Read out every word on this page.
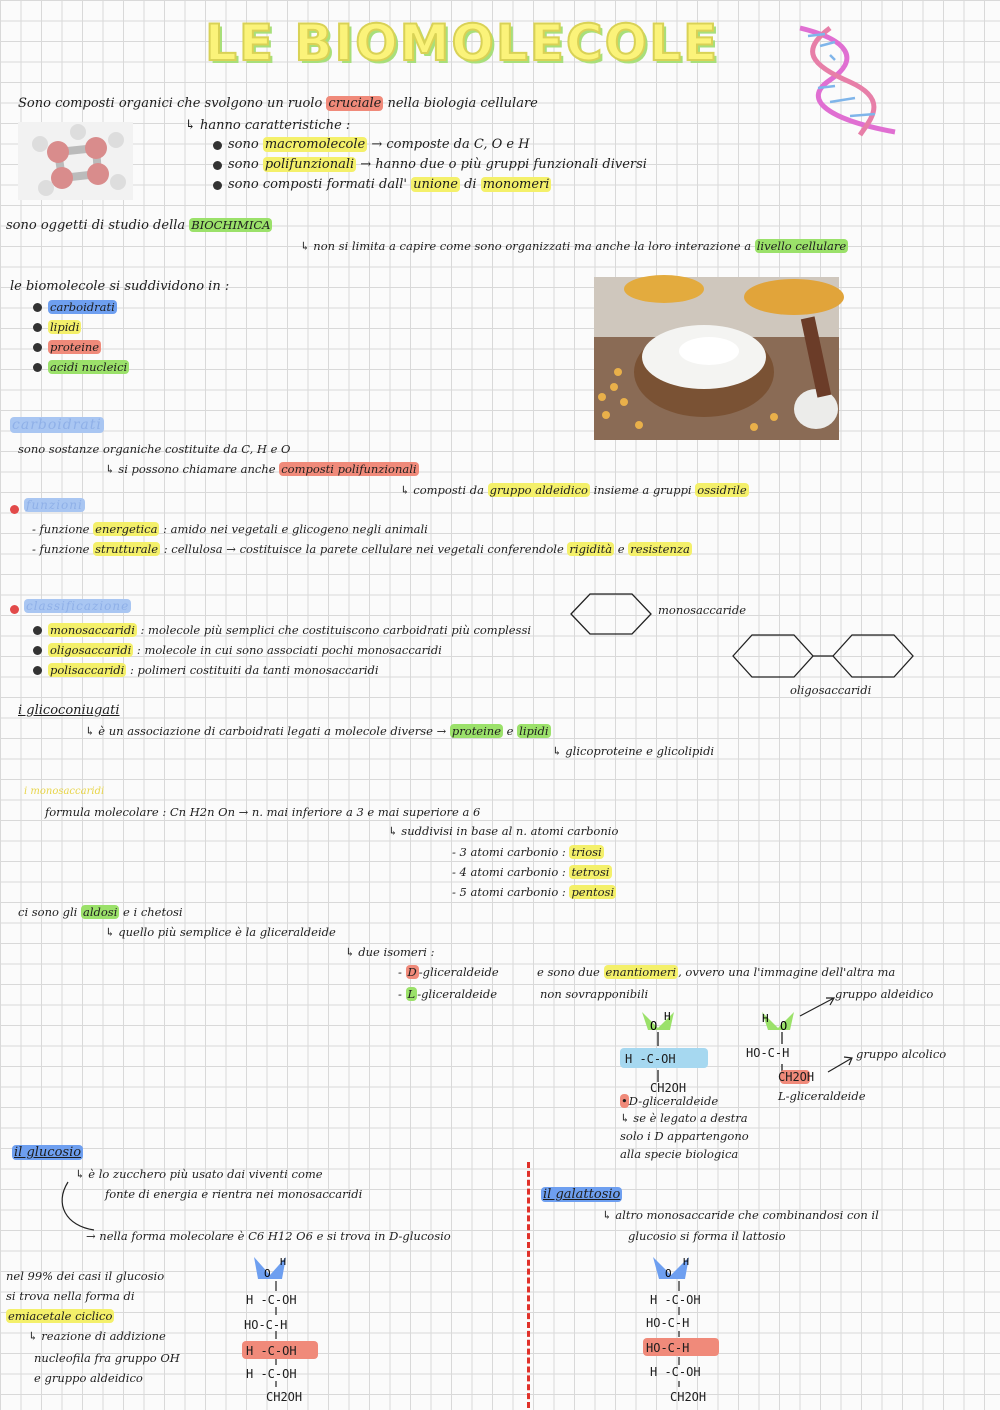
LE BIOMOLECOLE
Sono composti organici che svolgono un ruolo cruciale nella biologia cellulare
↳ hanno caratteristiche :
sono macromolecole → composte da C, O e H
sono polifunzionali → hanno due o più gruppi funzionali diversi
sono composti formati dall' unione di monomeri
sono oggetti di studio della BIOCHIMICA
↳ non si limita a capire come sono organizzati ma anche la loro interazione a livello cellulare
le biomolecole si suddividono in :
carboidrati
lipidi
proteine
acidi nucleici
carboidrati
sono sostanze organiche costituite da C, H e O
↳ si possono chiamare anche composti polifunzionali
↳ composti da gruppo aldeidico insieme a gruppi ossidrile
funzioni
- funzione energetica : amido nei vegetali e glicogeno negli animali
- funzione strutturale : cellulosa → costituisce la parete cellulare nei vegetali conferendole rigidità e resistenza
classificazione
monosaccaridi : molecole più semplici che costituiscono carboidrati più complessi
oligosaccaridi : molecole in cui sono associati pochi monosaccaridi
polisaccaridi : polimeri costituiti da tanti monosaccaridi
monosaccaride
oligosaccaridi
i glicoconiugati
↳ è un associazione di carboidrati legati a molecole diverse → proteine e lipidi
↳ glicoproteine e glicolipidi
i monosaccaridi
formula molecolare : Cn H2n On → n. mai inferiore a 3 e mai superiore a 6
↳ suddivisi in base al n. atomi carbonio
- 3 atomi carbonio : triosi
- 4 atomi carbonio : tetrosi
- 5 atomi carbonio : pentosi
ci sono gli aldosi e i chetosi
↳ quello più semplice è la gliceraldeide
↳ due isomeri :
- D -gliceraldeide
- L -gliceraldeide
e sono due enantiomeri , ovvero una l'immagine dell'altra ma
non sovrapponibili
O
H
H -C-OH
CH2OH
•D-gliceraldeide
↳ se è legato a destra
solo i D appartengono
alla specie biologica
H
O
HO-C-H
CH2OH
L-gliceraldeide
gruppo aldeidico
gruppo alcolico
il glucosio
↳ è lo zucchero più usato dai viventi come
fonte di energia e rientra nei monosaccaridi
→ nella forma molecolare è C6 H12 O6 e si trova in D-glucosio
nel 99% dei casi il glucosio
si trova nella forma di
emiacetale ciclico
↳ reazione di addizione
nucleofila fra gruppo OH
e gruppo aldeidico
O
H
H -C-OH
HO-C-H
H -C-OH
H -C-OH
CH2OH
il galattosio
↳ altro monosaccaride che combinandosi con il
glucosio si forma il lattosio
O
H
H -C-OH
HO-C-H
HO-C-H
H -C-OH
CH2OH
